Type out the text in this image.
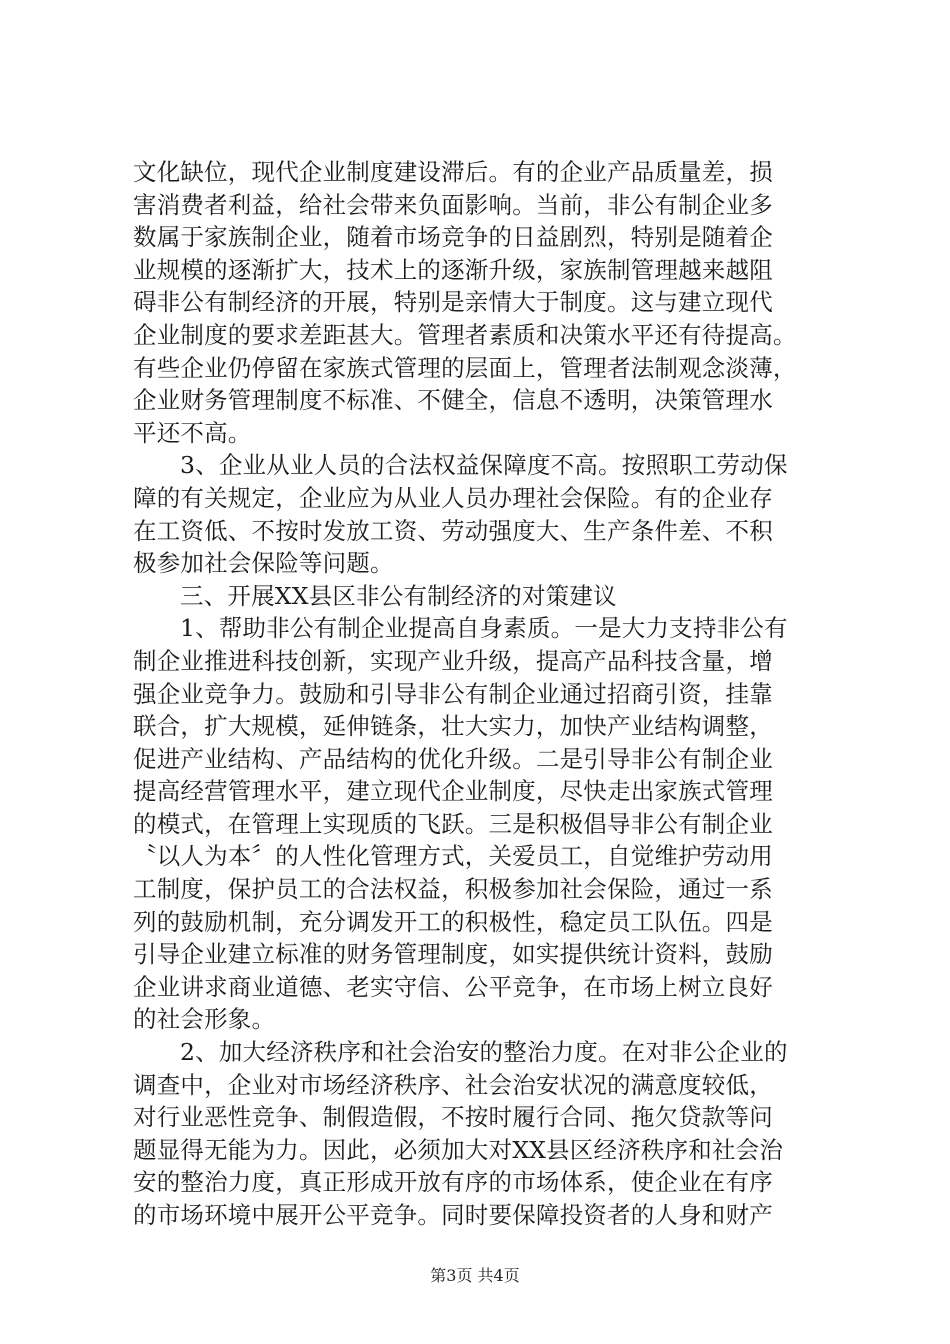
文化缺位，现代企业制度建设滞后。有的企业产品质量差，损
害消费者利益，给社会带来负面影响。当前，非公有制企业多
数属于家族制企业，随着市场竞争的日益剧烈，特别是随着企
业规模的逐渐扩大，技术上的逐渐升级，家族制管理越来越阻
碍非公有制经济的开展，特别是亲情大于制度。这与建立现代
企业制度的要求差距甚大。管理者素质和决策水平还有待提高。
有些企业仍停留在家族式管理的层面上，管理者法制观念淡薄，
企业财务管理制度不标准、不健全，信息不透明，决策管理水
平还不高。
3、企业从业人员的合法权益保障度不高。按照职工劳动保
障的有关规定，企业应为从业人员办理社会保险。有的企业存
在工资低、不按时发放工资、劳动强度大、生产条件差、不积
极参加社会保险等问题。
三、开展XX县区非公有制经济的对策建议
1、帮助非公有制企业提高自身素质。一是大力支持非公有
制企业推进科技创新，实现产业升级，提高产品科技含量，增
强企业竞争力。鼓励和引导非公有制企业通过招商引资，挂靠
联合，扩大规模，延伸链条，壮大实力，加快产业结构调整，
促进产业结构、产品结构的优化升级。二是引导非公有制企业
提高经营管理水平，建立现代企业制度，尽快走出家族式管理
的模式，在管理上实现质的飞跃。三是积极倡导非公有制企业
〝以人为本〞的人性化管理方式，关爱员工，自觉维护劳动用
工制度，保护员工的合法权益，积极参加社会保险，通过一系
列的鼓励机制，充分调发开工的积极性，稳定员工队伍。四是
引导企业建立标准的财务管理制度，如实提供统计资料，鼓励
企业讲求商业道德、老实守信、公平竞争，在市场上树立良好
的社会形象。
2、加大经济秩序和社会治安的整治力度。在对非公企业的
调查中，企业对市场经济秩序、社会治安状况的满意度较低，
对行业恶性竞争、制假造假，不按时履行合同、拖欠贷款等问
题显得无能为力。因此，必须加大对XX县区经济秩序和社会治
安的整治力度，真正形成开放有序的市场体系，使企业在有序
的市场环境中展开公平竞争。同时要保障投资者的人身和财产
第3页 共4页
